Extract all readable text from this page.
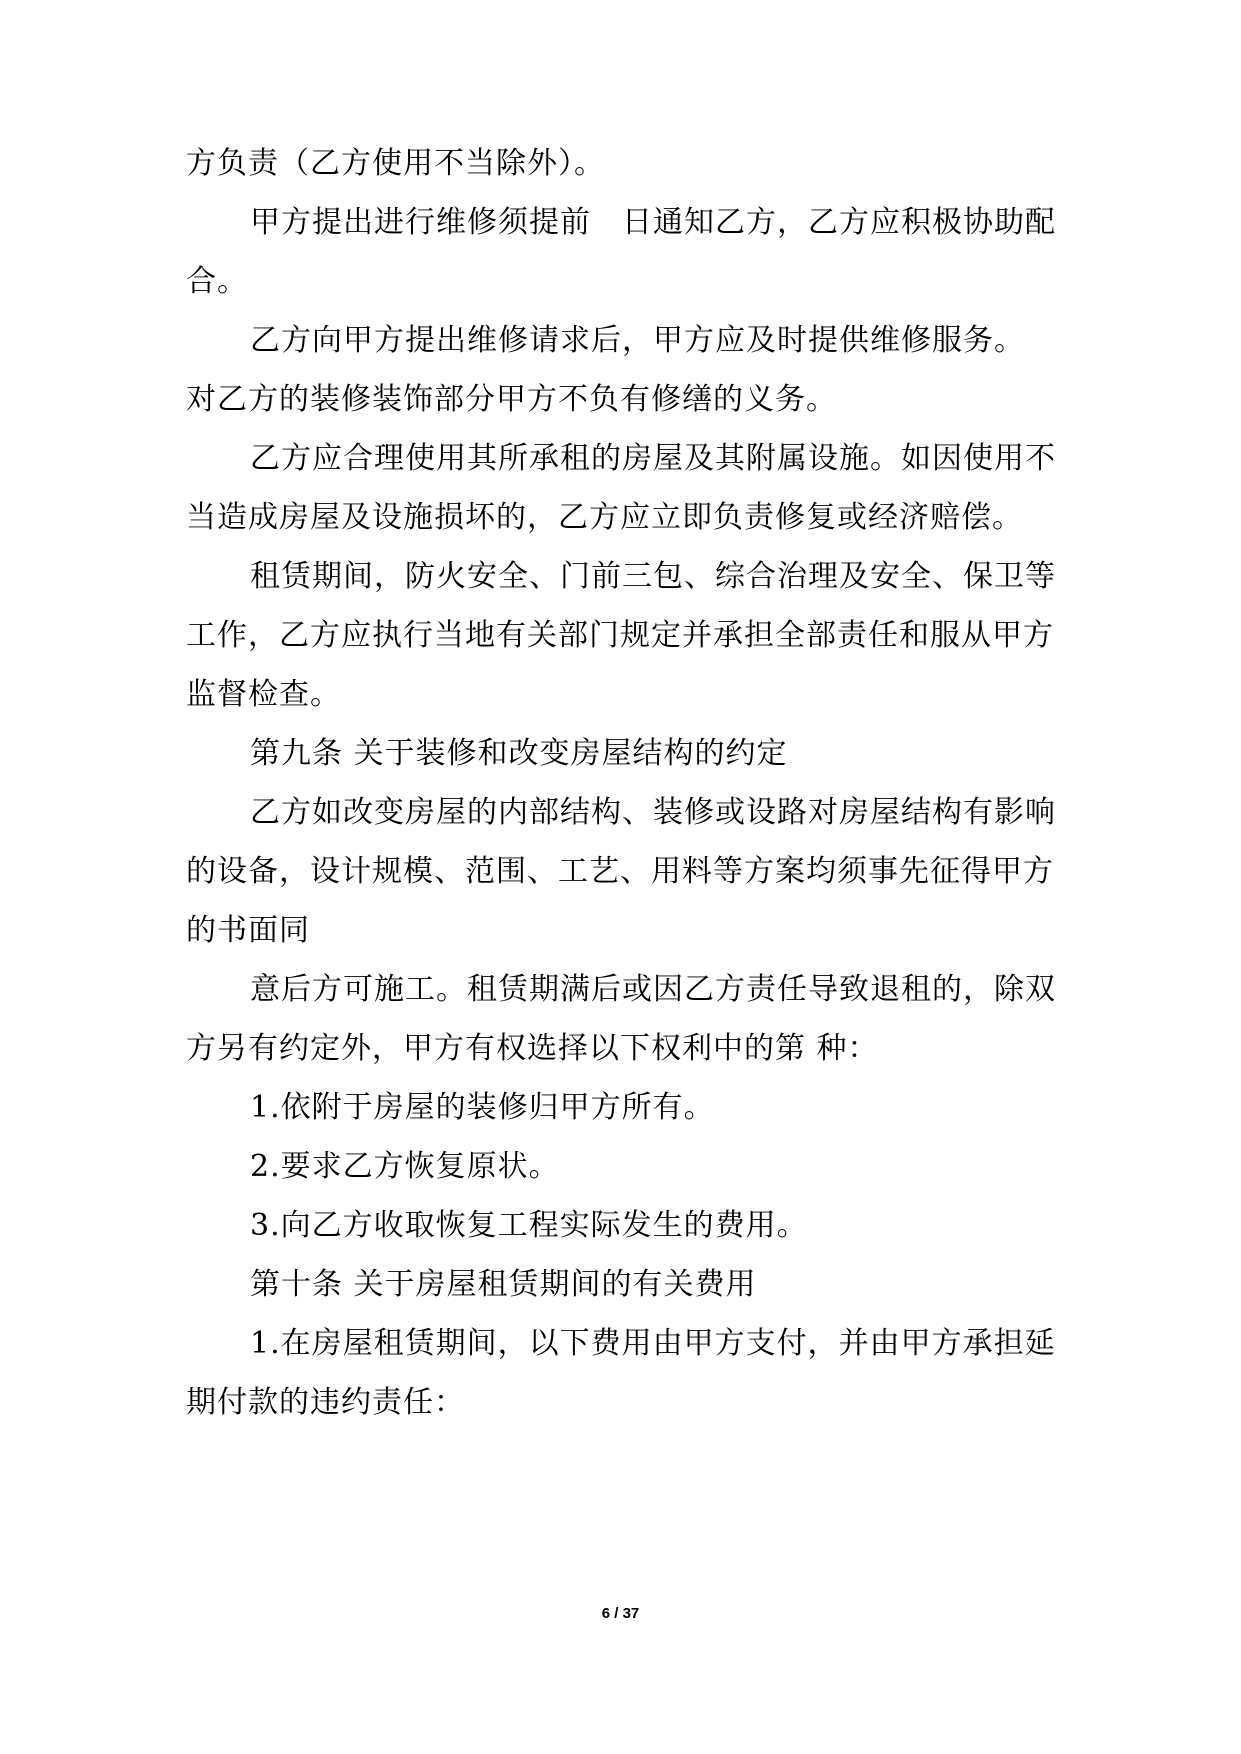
方负责（乙方使用不当除外）。
甲方提出进行维修须提前　日通知乙方，乙方应积极协助配
合。
乙方向甲方提出维修请求后，甲方应及时提供维修服务。
对乙方的装修装饰部分甲方不负有修缮的义务。
乙方应合理使用其所承租的房屋及其附属设施。如因使用不
当造成房屋及设施损坏的，乙方应立即负责修复或经济赔偿。
租赁期间，防火安全、门前三包、综合治理及安全、保卫等
工作，乙方应执行当地有关部门规定并承担全部责任和服从甲方
监督检查。
第九条 关于装修和改变房屋结构的约定
乙方如改变房屋的内部结构、装修或设路对房屋结构有影响
的设备，设计规模、范围、工艺、用料等方案均须事先征得甲方
的书面同
意后方可施工。租赁期满后或因乙方责任导致退租的，除双
方另有约定外，甲方有权选择以下权利中的第 种：
1.依附于房屋的装修归甲方所有。
2.要求乙方恢复原状。
3.向乙方收取恢复工程实际发生的费用。
第十条 关于房屋租赁期间的有关费用
1.在房屋租赁期间，以下费用由甲方支付，并由甲方承担延
期付款的违约责任：
6 / 37
